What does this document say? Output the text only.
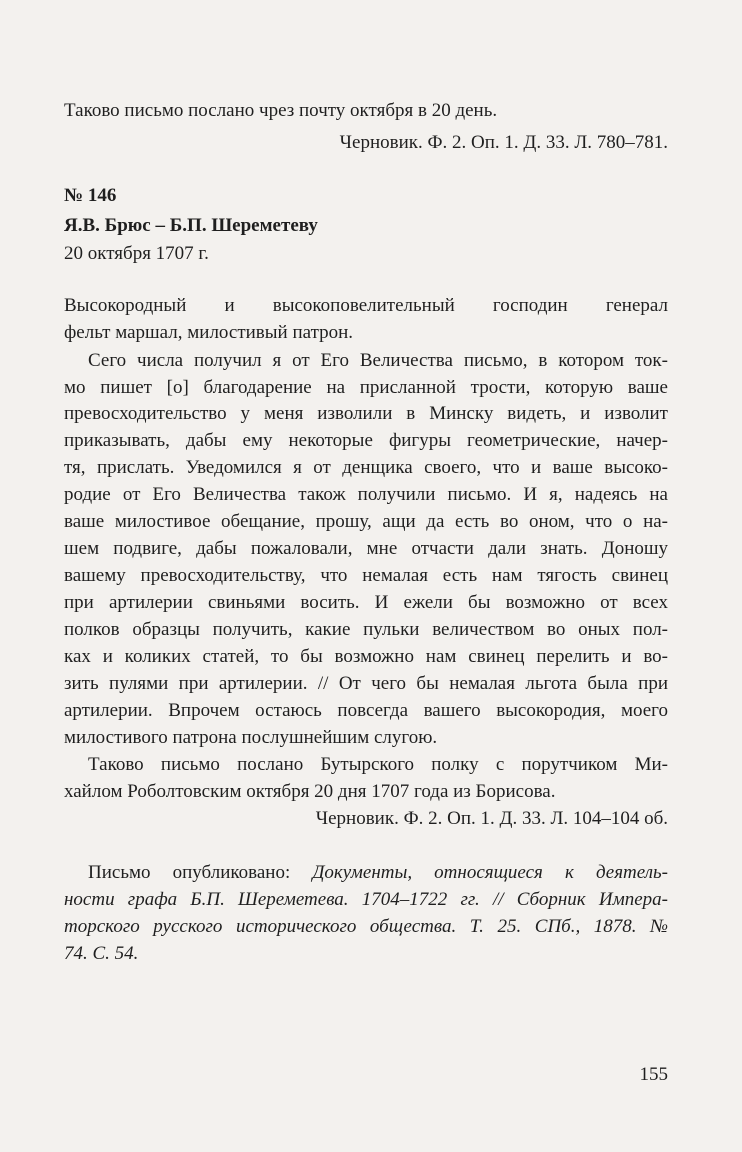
Таково письмо послано чрез почту октября в 20 день.
Черновик. Ф. 2. Оп. 1. Д. 33. Л. 780–781.
№ 146
Я.В. Брюс – Б.П. Шереметеву
20 октября 1707 г.
Высокородный и высокоповелительный господин генерал
фельт маршал, милостивый патрон.
Сего числа получил я от Его Величества письмо, в котором ток-
мо пишет [о] благодарение на присланной трости, которую ваше
превосходительство у меня изволили в Минску видеть, и изволит
приказывать, дабы ему некоторые фигуры геометрические, начер-
тя, прислать. Уведомился я от денщика своего, что и ваше высоко-
родие от Его Величества також получили письмо. И я, надеясь на
ваше милостивое обещание, прошу, ащи да есть во оном, что о на-
шем подвиге, дабы пожаловали, мне отчасти дали знать. Доношу
вашему превосходительству, что немалая есть нам тягость свинец
при артилерии свиньями восить. И ежели бы возможно от всех
полков образцы получить, какие пульки величеством во оных пол-
ках и коликих статей, то бы возможно нам свинец перелить и во-
зить пулями при артилерии. // От чего бы немалая льгота была при
артилерии. Впрочем остаюсь повсегда вашего высокородия, моего
милостивого патрона послушнейшим слугою.
Таково письмо послано Бутырского полку с порутчиком Ми-
хайлом Роболтовским октября 20 дня 1707 года из Борисова.
Черновик. Ф. 2. Оп. 1. Д. 33. Л. 104–104 об.
Письмо опубликовано: Документы, относящиеся к деятель-
ности графа Б.П. Шереметева. 1704–1722 гг. // Сборник Импера-
торского русского исторического общества. Т. 25. СПб., 1878. №
74. С. 54.
155
